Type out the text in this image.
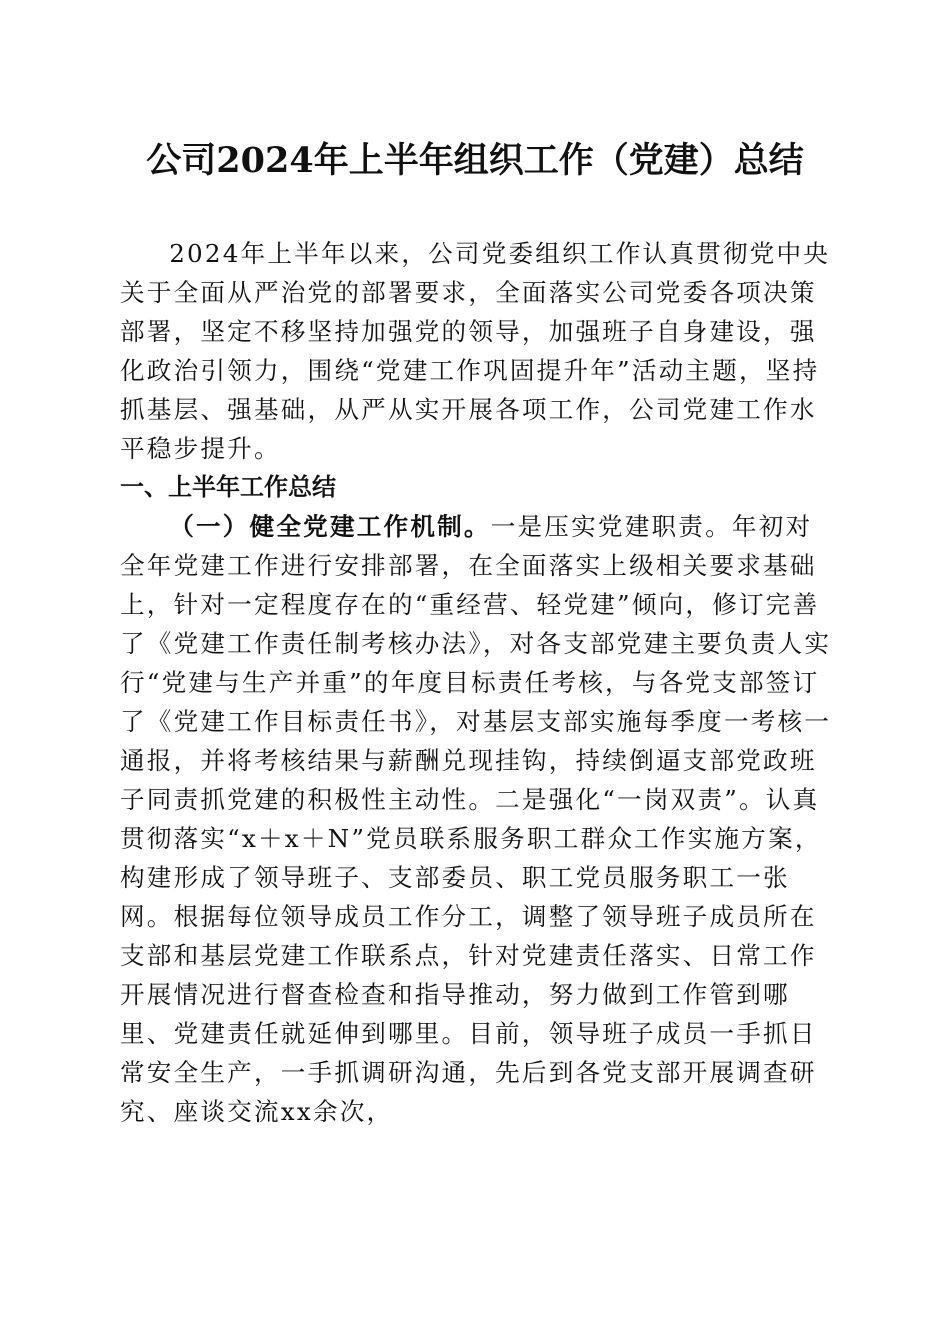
公司2024年上半年组织工作（党建）总结

2024年上半年以来，公司党委组织工作认真贯彻党中央关于全面从严治党的部署要求，全面落实公司党委各项决策部署，坚定不移坚持加强党的领导，加强班子自身建设，强化政治引领力，围绕“党建工作巩固提升年”活动主题，坚持抓基层、强基础，从严从实开展各项工作，公司党建工作水平稳步提升。

一、上半年工作总结

（一）健全党建工作机制。一是压实党建职责。年初对全年党建工作进行安排部署，在全面落实上级相关要求基础上，针对一定程度存在的“重经营、轻党建”倾向，修订完善了《党建工作责任制考核办法》，对各支部党建主要负责人实行“党建与生产并重”的年度目标责任考核，与各党支部签订了《党建工作目标责任书》，对基层支部实施每季度一考核一通报，并将考核结果与薪酬兑现挂钩，持续倒逼支部党政班子同责抓党建的积极性主动性。二是强化“一岗双责”。认真贯彻落实“x＋x＋N”党员联系服务职工群众工作实施方案，构建形成了领导班子、支部委员、职工党员服务职工一张网。根据每位领导成员工作分工，调整了领导班子成员所在支部和基层党建工作联系点，针对党建责任落实、日常工作开展情况进行督查检查和指导推动，努力做到工作管到哪里、党建责任就延伸到哪里。目前，领导班子成员一手抓日常安全生产，一手抓调研沟通，先后到各党支部开展调查研究、座谈交流xx余次，
